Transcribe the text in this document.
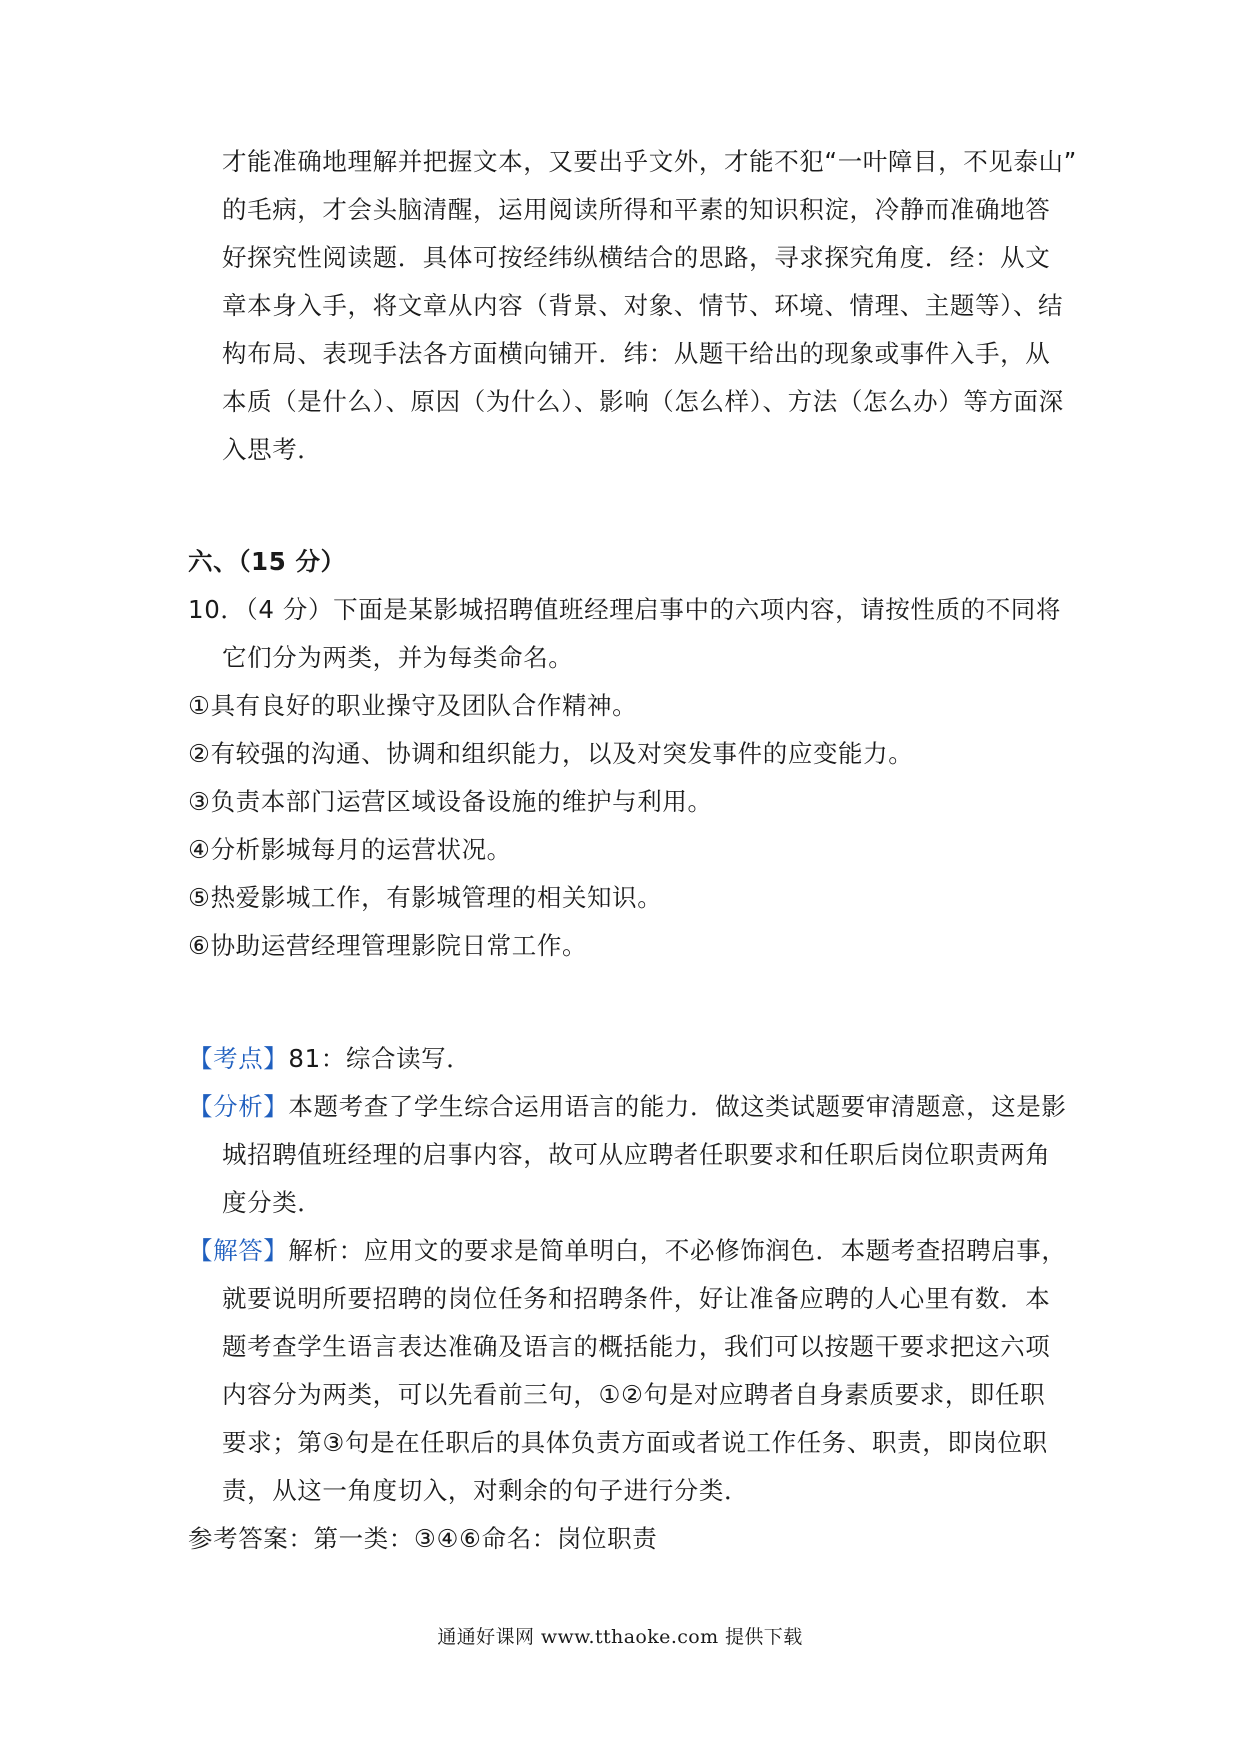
才能准确地理解并把握文本，又要出乎文外，才能不犯“一叶障目，不见泰山”
的毛病，才会头脑清醒，运用阅读所得和平素的知识积淀，冷静而准确地答
好探究性阅读题．具体可按经纬纵横结合的思路，寻求探究角度．经：从文
章本身入手，将文章从内容（背景、对象、情节、环境、情理、主题等）、结
构布局、表现手法各方面横向铺开．纬：从题干给出的现象或事件入手，从
本质（是什么）、原因（为什么）、影响（怎么样）、方法（怎么办）等方面深
入思考．
六、（15 分）
10．（4 分）下面是某影城招聘值班经理启事中的六项内容，请按性质的不同将
它们分为两类，并为每类命名。
①具有良好的职业操守及团队合作精神。
②有较强的沟通、协调和组织能力，以及对突发事件的应变能力。
③负责本部门运营区域设备设施的维护与利用。
④分析影城每月的运营状况。
⑤热爱影城工作，有影城管理的相关知识。
⑥协助运营经理管理影院日常工作。
【考点】81：综合读写．
【分析】本题考查了学生综合运用语言的能力．做这类试题要审清题意，这是影
城招聘值班经理的启事内容，故可从应聘者任职要求和任职后岗位职责两角
度分类．
【解答】解析：应用文的要求是简单明白，不必修饰润色．本题考查招聘启事，
就要说明所要招聘的岗位任务和招聘条件，好让准备应聘的人心里有数．本
题考查学生语言表达准确及语言的概括能力，我们可以按题干要求把这六项
内容分为两类，可以先看前三句，①②句是对应聘者自身素质要求，即任职
要求；第③句是在任职后的具体负责方面或者说工作任务、职责，即岗位职
责，从这一角度切入，对剩余的句子进行分类．
参考答案：第一类：③④⑥命名：岗位职责
通通好课网 www.tthaoke.com 提供下载
